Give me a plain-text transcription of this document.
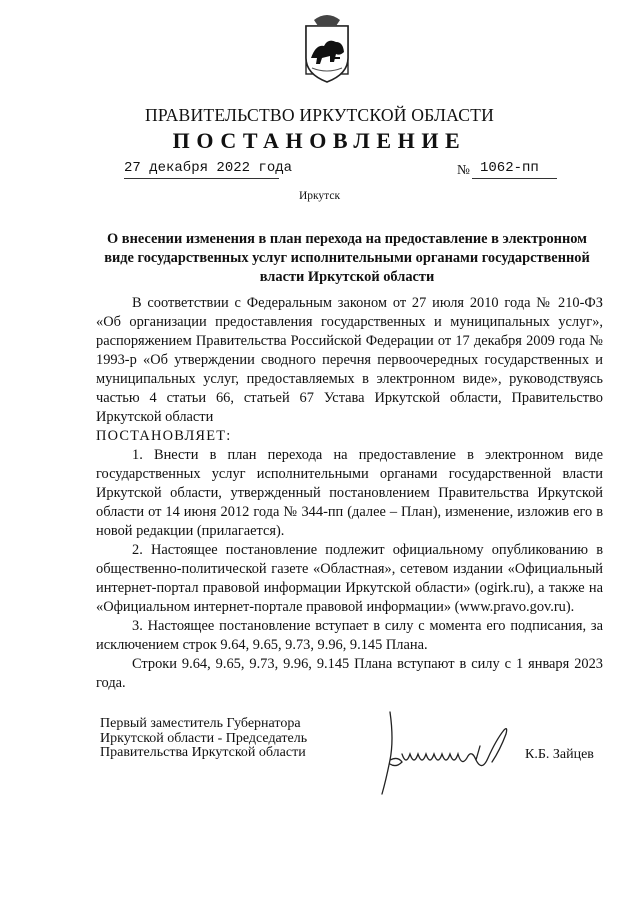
ПРАВИТЕЛЬСТВО ИРКУТСКОЙ ОБЛАСТИ
ПОСТАНОВЛЕНИЕ
27 декабря 2022 года	№ 1062-пп
Иркутск
О внесении изменения в план перехода на предоставление в электронном виде государственных услуг исполнительными органами государственной власти Иркутской области

В соответствии с Федеральным законом от 27 июля 2010 года № 210-ФЗ «Об организации предоставления государственных и муниципальных услуг», распоряжением Правительства Российской Федерации от 17 декабря 2009 года № 1993-р «Об утверждении сводного перечня первоочередных государственных и муниципальных услуг, предоставляемых в электронном виде», руководствуясь частью 4 статьи 66, статьей 67 Устава Иркутской области, Правительство Иркутской области

ПОСТАНОВЛЯЕТ:

1. Внести в план перехода на предоставление в электронном виде государственных услуг исполнительными органами государственной власти Иркутской области, утвержденный постановлением Правительства Иркутской области от 14 июня 2012 года № 344-пп (далее – План), изменение, изложив его в новой редакции (прилагается).

2. Настоящее постановление подлежит официальному опубликованию в общественно-политической газете «Областная», сетевом издании «Официальный интернет-портал правовой информации Иркутской области» (ogirk.ru), а также на «Официальном интернет-портале правовой информации» (www.pravo.gov.ru).

3. Настоящее постановление вступает в силу с момента его подписания, за исключением строк 9.64, 9.65, 9.73, 9.96, 9.145 Плана.

Строки 9.64, 9.65, 9.73, 9.96, 9.145 Плана вступают в силу с 1 января 2023 года.

Первый заместитель Губернатора
Иркутской области - Председатель
Правительства Иркутской области	К.Б. Зайцев
